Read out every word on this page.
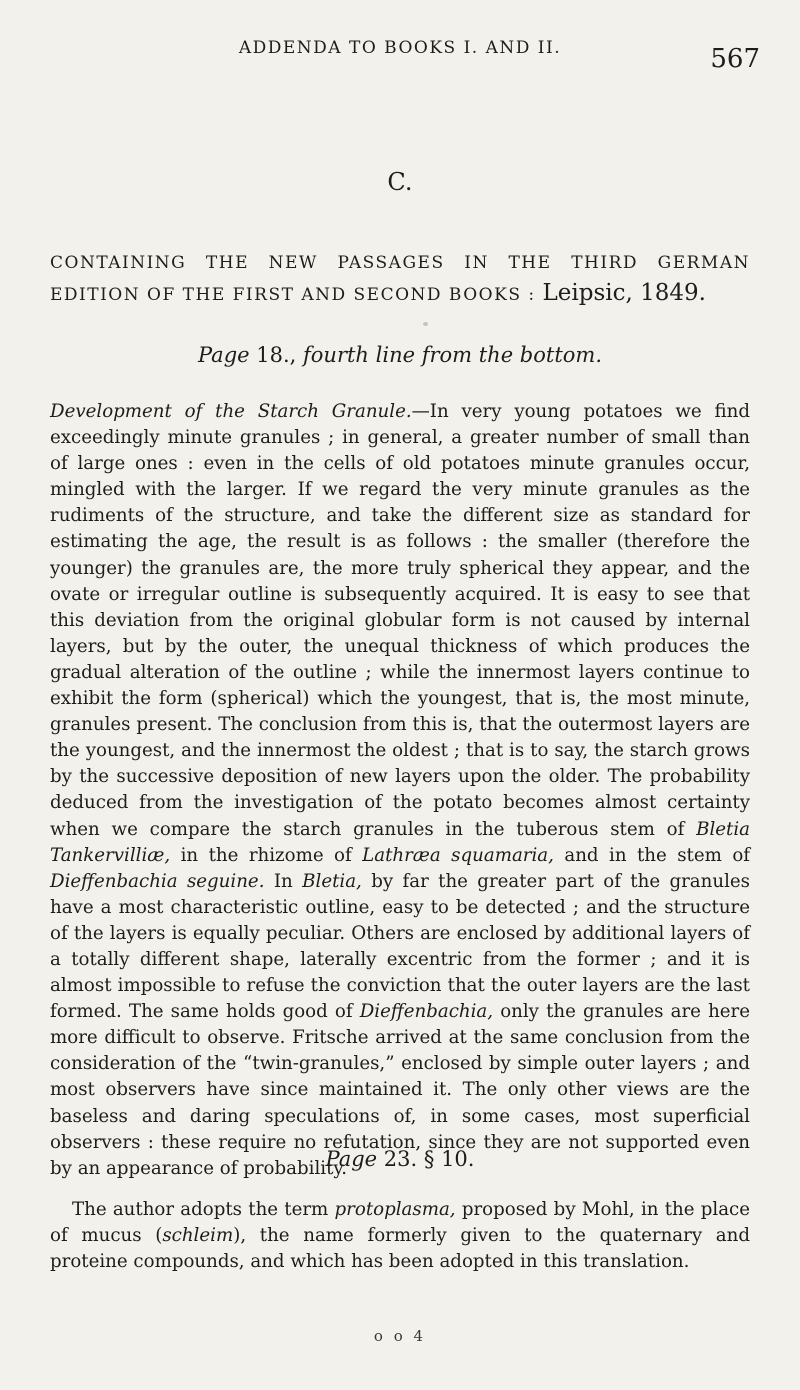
ADDENDA TO BOOKS I. AND II.	567
C.
CONTAINING THE NEW PASSAGES IN THE THIRD GERMAN
EDITION OF THE FIRST AND SECOND BOOKS : Leipsic, 1849.
Page 18., fourth line from the bottom.

Development of the Starch Granule.—In very young potatoes we find exceedingly minute granules ; in general, a greater number of small than of large ones : even in the cells of old potatoes minute granules occur, mingled with the larger. If we regard the very minute granules as the rudiments of the structure, and take the different size as standard for estimating the age, the result is as follows : the smaller (therefore the younger) the granules are, the more truly spherical they appear, and the ovate or irregular outline is subsequently acquired. It is easy to see that this deviation from the original globular form is not caused by internal layers, but by the outer, the unequal thickness of which produces the gradual alteration of the outline ; while the innermost layers continue to exhibit the form (spherical) which the youngest, that is, the most minute, granules present. The conclusion from this is, that the outermost layers are the youngest, and the innermost the oldest ; that is to say, the starch grows by the successive deposition of new layers upon the older. The probability deduced from the investigation of the potato becomes almost certainty when we compare the starch granules in the tuberous stem of Bletia Tankervilliæ, in the rhizome of Lathræa squamaria, and in the stem of Dieffenbachia seguine. In Bletia, by far the greater part of the granules have a most characteristic outline, easy to be detected ; and the structure of the layers is equally peculiar. Others are enclosed by additional layers of a totally different shape, laterally excentric from the former ; and it is almost impossible to refuse the conviction that the outer layers are the last formed. The same holds good of Dieffenbachia, only the granules are here more difficult to observe. Fritsche arrived at the same conclusion from the consideration of the “twin-granules,” enclosed by simple outer layers ; and most observers have since maintained it. The only other views are the baseless and daring speculations of, in some cases, most superficial observers : these require no refutation, since they are not supported even by an appearance of probability.

Page 23. § 10.

The author adopts the term protoplasma, proposed by Mohl, in the place of mucus (schleim), the name formerly given to the quaternary and proteine compounds, and which has been adopted in this translation.

o o 4
